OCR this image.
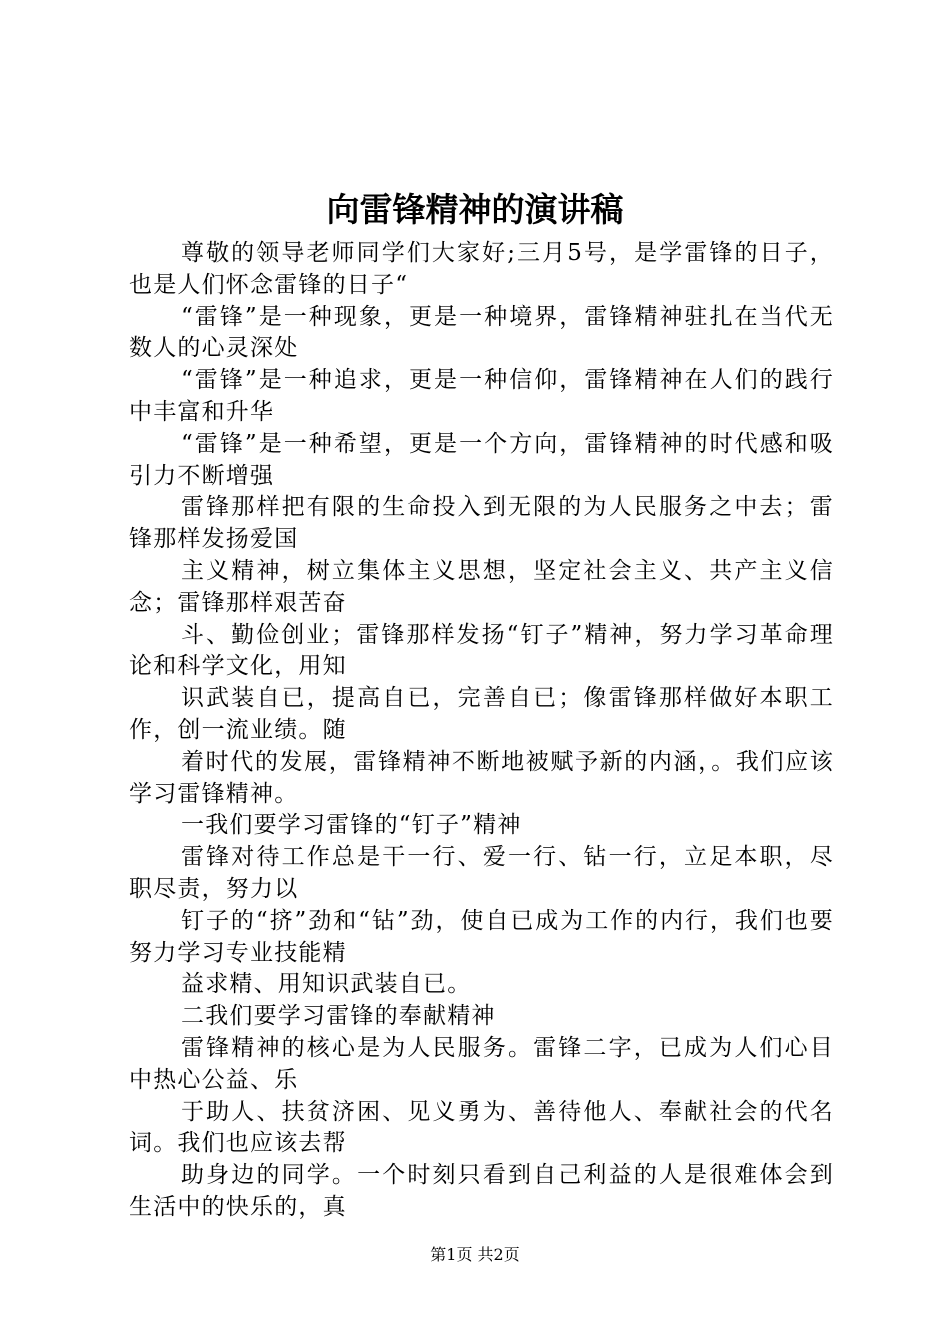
向雷锋精神的演讲稿

尊敬的领导老师同学们大家好;三月5号，是学雷锋的日子，也是人们怀念雷锋的日子“

“雷锋”是一种现象，更是一种境界，雷锋精神驻扎在当代无数人的心灵深处

“雷锋”是一种追求，更是一种信仰，雷锋精神在人们的践行中丰富和升华

“雷锋”是一种希望，更是一个方向，雷锋精神的时代感和吸引力不断增强

雷锋那样把有限的生命投入到无限的为人民服务之中去；雷锋那样发扬爱国

主义精神，树立集体主义思想，坚定社会主义、共产主义信念；雷锋那样艰苦奋

斗、勤俭创业；雷锋那样发扬“钉子”精神，努力学习革命理论和科学文化，用知

识武装自已，提高自已，完善自已；像雷锋那样做好本职工作，创一流业绩。随

着时代的发展，雷锋精神不断地被赋予新的内涵，。我们应该学习雷锋精神。

一我们要学习雷锋的“钉子”精神

雷锋对待工作总是干一行、爱一行、钻一行，立足本职，尽职尽责，努力以

钉子的“挤”劲和“钻”劲，使自已成为工作的内行，我们也要努力学习专业技能精

益求精、用知识武装自已。

二我们要学习雷锋的奉献精神

雷锋精神的核心是为人民服务。雷锋二字，已成为人们心目中热心公益、乐

于助人、扶贫济困、见义勇为、善待他人、奉献社会的代名词。我们也应该去帮

助身边的同学。一个时刻只看到自己利益的人是很难体会到生活中的快乐的，真

第1页 共2页
